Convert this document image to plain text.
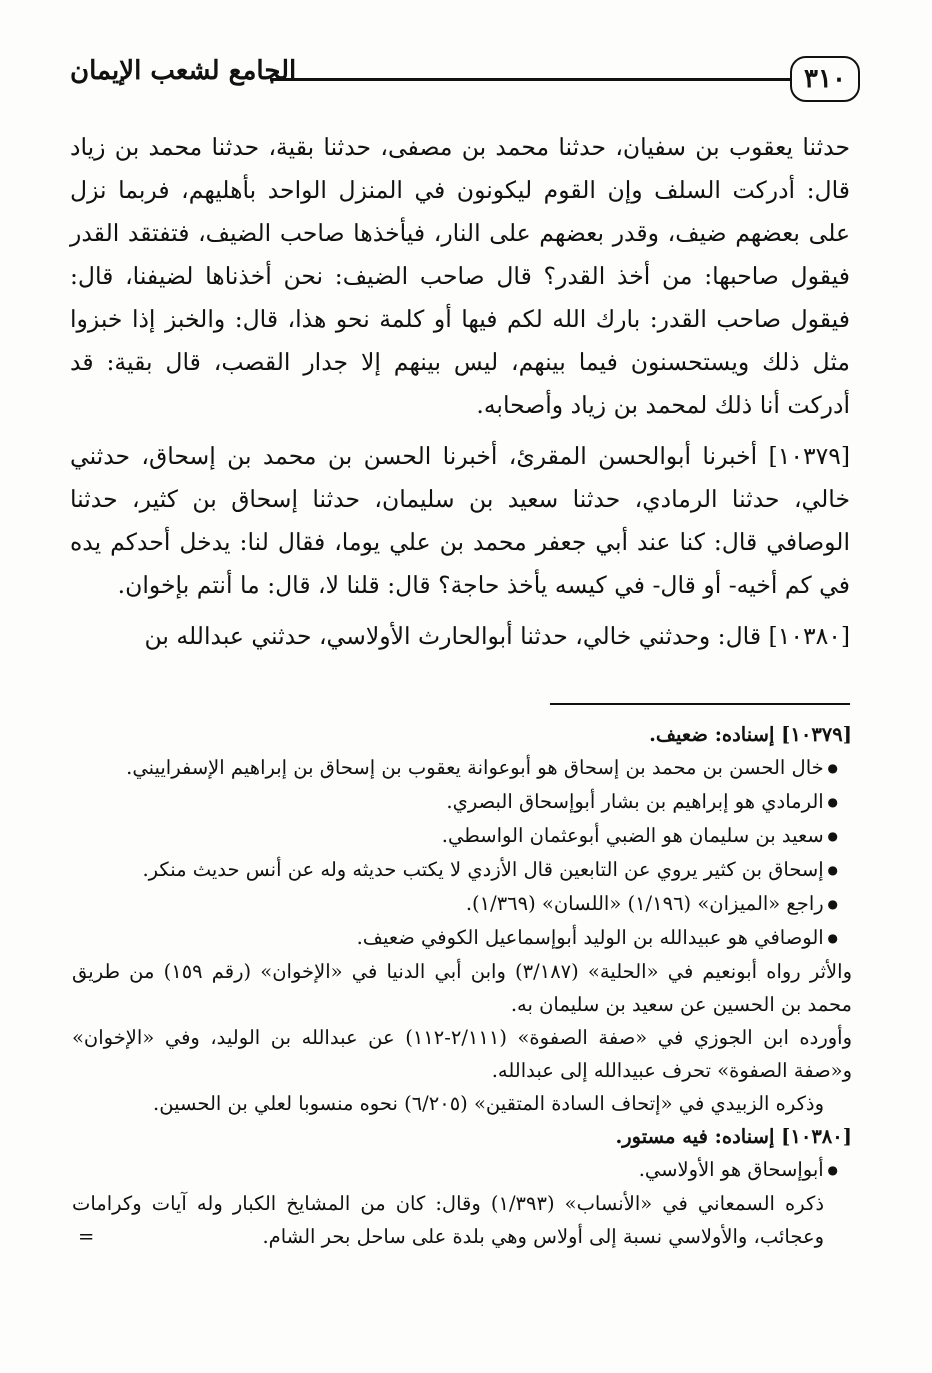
٣١٠
الجامع لشعب الإيمان

حدثنا يعقوب بن سفيان، حدثنا محمد بن مصفى، حدثنا بقية، حدثنا محمد بن زياد قال: أدركت السلف وإن القوم ليكونون في المنزل الواحد بأهليهم، فربما نزل على بعضهم ضيف، وقدر بعضهم على النار، فيأخذها صاحب الضيف، فتفتقد القدر فيقول صاحبها: من أخذ القدر؟ قال صاحب الضيف: نحن أخذناها لضيفنا، قال: فيقول صاحب القدر: بارك الله لكم فيها أو كلمة نحو هذا، قال: والخبز إذا خبزوا مثل ذلك ويستحسنون فيما بينهم، ليس بينهم إلا جدار القصب، قال بقية: قد أدركت أنا ذلك لمحمد بن زياد وأصحابه.

[١٠٣٧٩] أخبرنا أبوالحسن المقرئ، أخبرنا الحسن بن محمد بن إسحاق، حدثني خالي، حدثنا الرمادي، حدثنا سعيد بن سليمان، حدثنا إسحاق بن كثير، حدثنا الوصافي قال: كنا عند أبي جعفر محمد بن علي يوما، فقال لنا: يدخل أحدكم يده في كم أخيه- أو قال- في كيسه يأخذ حاجة؟ قال: قلنا لا، قال: ما أنتم بإخوان.

[١٠٣٨٠] قال: وحدثني خالي، حدثنا أبوالحارث الأولاسي، حدثني عبدالله بن

[١٠٣٧٩] إسناده: ضعيف.

● خال الحسن بن محمد بن إسحاق هو أبوعوانة يعقوب بن إسحاق بن إبراهيم الإسفراييني.

● الرمادي هو إبراهيم بن بشار أبوإسحاق البصري.

● سعيد بن سليمان هو الضبي أبوعثمان الواسطي.

● إسحاق بن كثير يروي عن التابعين قال الأزدي لا يكتب حديثه وله عن أنس حديث منكر.

● راجع «الميزان» (١/١٩٦) «اللسان» (١/٣٦٩).

● الوصافي هو عبيدالله بن الوليد أبوإسماعيل الكوفي ضعيف.

والأثر رواه أبونعيم في «الحلية» (٣/١٨٧) وابن أبي الدنيا في «الإخوان» (رقم ١٥٩) من طريق محمد بن الحسين عن سعيد بن سليمان به.

وأورده ابن الجوزي في «صفة الصفوة» (٢/١١١-١١٢) عن عبدالله بن الوليد، وفي «الإخوان» و«صفة الصفوة» تحرف عبيدالله إلى عبدالله.

وذكره الزبيدي في «إتحاف السادة المتقين» (٦/٢٠٥) نحوه منسوبا لعلي بن الحسين.

[١٠٣٨٠] إسناده: فيه مستور.

● أبوإسحاق هو الأولاسي.

ذكره السمعاني في «الأنساب» (١/٣٩٣) وقال: كان من المشايخ الكبار وله آيات وكرامات وعجائب، والأولاسي نسبة إلى أولاس وهي بلدة على ساحل بحر الشام.
=
